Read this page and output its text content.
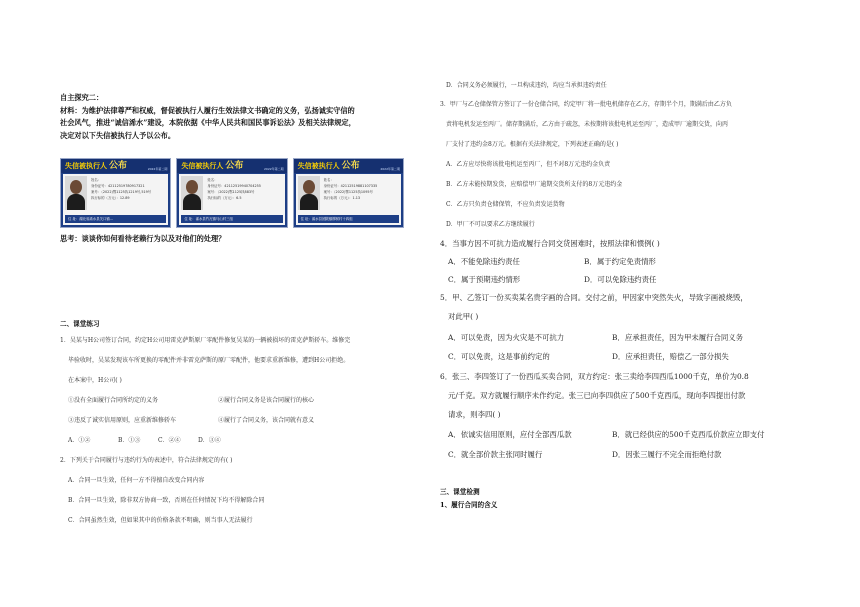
自主探究二：
材料：为维护法律尊严和权威，督促被执行人履行生效法律文书确定的义务，弘扬诚实守信的
社会风气，推进“诚信浠水”建设，本院依据《中华人民共和国民事诉讼法》及相关法律规定，
决定对以下失信被执行人予以公布。
失信被执行人 公布	2022年第二期
姓名：
身份证号：42112519780917321
案号：（2022)鄂1125执1219号,519号
执行标的（万元）：12.89
住 址：湖北省浠水县关口镇...
失信被执行人 公布	2022年第二期
姓名：
身份证号：42112519940704255
案号：（2022)鄂1125执883号
执行标的（万元）：6.5
住 址：浠水县竹瓦镇马山村三组
失信被执行人 公布	2022年第二期
姓名：
身份证号：42112519881107335
案号：（2022)鄂1125执1095号
执行标的（万元）：1.13
住 址：浠水县团陂镇柳树村十四组
思考：谈谈你如何看待老赖行为以及对他们的处理？
二、课堂练习
1．吴某与H公司签订合同，约定H公司用雷克萨斯原厂零配件修复吴某的一辆被损坏的雷克萨斯轿车。维修完
毕验收时，吴某发现该车所更换的零配件并非雷克萨斯的原厂零配件，他要求重新维修，遭到H公司拒绝。
在本案中，H公司( )
①没有全面履行合同所约定的义务	②履行合同义务是该合同履行的核心
③违反了诚实信用原则，应重新维修轿车	④履行了合同义务，该合同就有意义
A．①②	B．①③	C．②④	D．③④
2．下列关于合同履行与违约行为的表述中，符合法律规定的有( )
A．合同一旦生效，任何一方不得擅自改变合同内容
B．合同一旦生效，除非双方协商一致，否则在任何情况下均不得解除合同
C．合同虽然生效，但如果其中的价格条款不明确，则当事人无法履行
D．合同义务必须履行，一旦构成违约，均应当承担违约责任
3．甲厂与乙仓储保管方签订了一份仓储合同，约定甲厂将一批电机储存在乙方，存期半个月，期满后由乙方负
责将电机发运至丙厂。储存期满后，乙方由于疏忽，未按期将该批电机运至丙厂，造成甲厂逾期交货，向丙
厂支付了违约金8万元。根据有关法律规定，下列表述正确的是( )
A．乙方应尽快将该批电机运至丙厂，但不对8万元违约金负责
B．乙方未能按期发货，应赔偿甲厂逾期交货所支付的8万元违约金
C．乙方只负责仓储保管，不应负责发运货物
D．甲厂不可以要求乙方继续履行
4．当事方因不可抗力造成履行合同交货困难时，按照法律和惯例( )
A．不能免除违约责任	B．属于约定免责情形
C．属于预期违约情形	D．可以免除违约责任
5．甲、乙签订一份买卖某名贵字画的合同。交付之前，甲因家中突然失火，导致字画被烧毁，
对此甲( )
A．可以免责，因为火灾是不可抗力	B．应承担责任，因为甲未履行合同义务
C．可以免责，这是事前约定的	D．应承担责任，赔偿乙一部分损失
6．张三、李四签订了一份西瓜买卖合同，双方约定：张三卖给李四西瓜1000千克，单价为0.8
元/千克。双方就履行顺序未作约定。张三已向李四供应了500千克西瓜，现向李四提出付款
请求，则李四( )
A．依诚实信用原则，应付全部西瓜款	B．就已经供应的500千克西瓜价款应立即支付
C．就全部价款主张同时履行	D．因张三履行不完全而拒绝付款
三、课堂检测
1、履行合同的含义
